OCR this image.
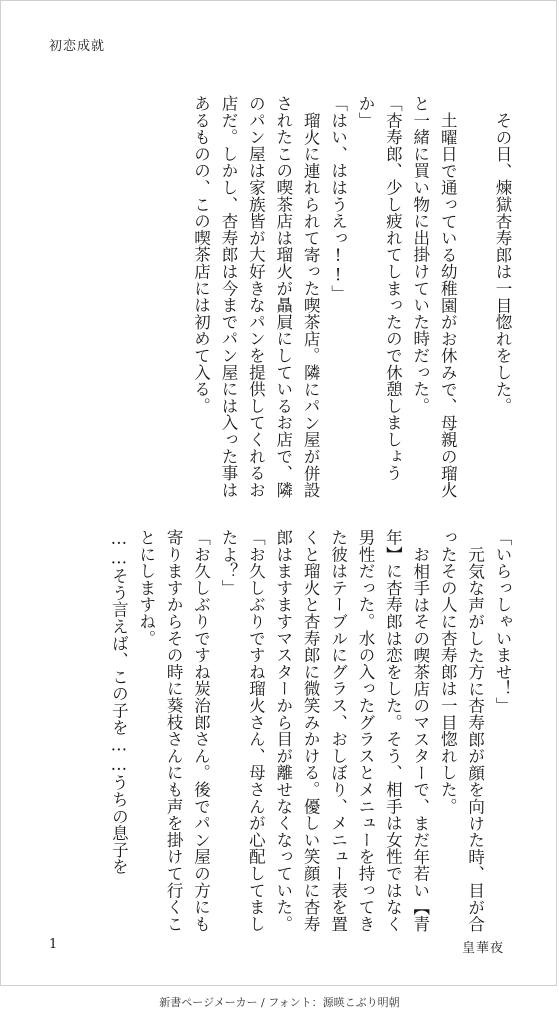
初恋成就

その日、煉獄杏寿郎は一目惚れをした。

土曜日で通っている幼稚園がお休みで、母親の瑠火と一緒に買い物に出掛けていた時だった。

「杏寿郎、少し疲れてしまったので休憩しましょうか」

「はい、ははうえっ!!」

瑠火に連れられて寄った喫茶店。隣にパン屋が併設されたこの喫茶店は瑠火が贔屓にしているお店で、隣のパン屋は家族皆が大好きなパンを提供してくれるお店だ。しかし、杏寿郎は今までパン屋には入った事はあるものの、この喫茶店には初めて入る。

「いらっしゃいませ！」

元気な声がした方に杏寿郎が顔を向けた時、目が合ったその人に杏寿郎は一目惚れした。

お相手はその喫茶店のマスターで、まだ年若い【青年】に杏寿郎は恋をした。そう、相手は女性ではなく男性だった。水の入ったグラスとメニューを持ってきた彼はテーブルにグラス、おしぼり、メニュー表を置くと瑠火と杏寿郎に微笑みかける。優しい笑顔に杏寿郎はますますマスターから目が離せなくなっていた。

「お久しぶりですね瑠火さん、母さんが心配してましたよ？」

「お久しぶりですね炭治郎さん。後でパン屋の方にも寄りますからその時に葵枝さんにも声を掛けて行くことにしますね。

……そう言えば、この子を……うちの息子を

1	皇華夜
新書ページメーカー / フォント：源暎こぶり明朝
